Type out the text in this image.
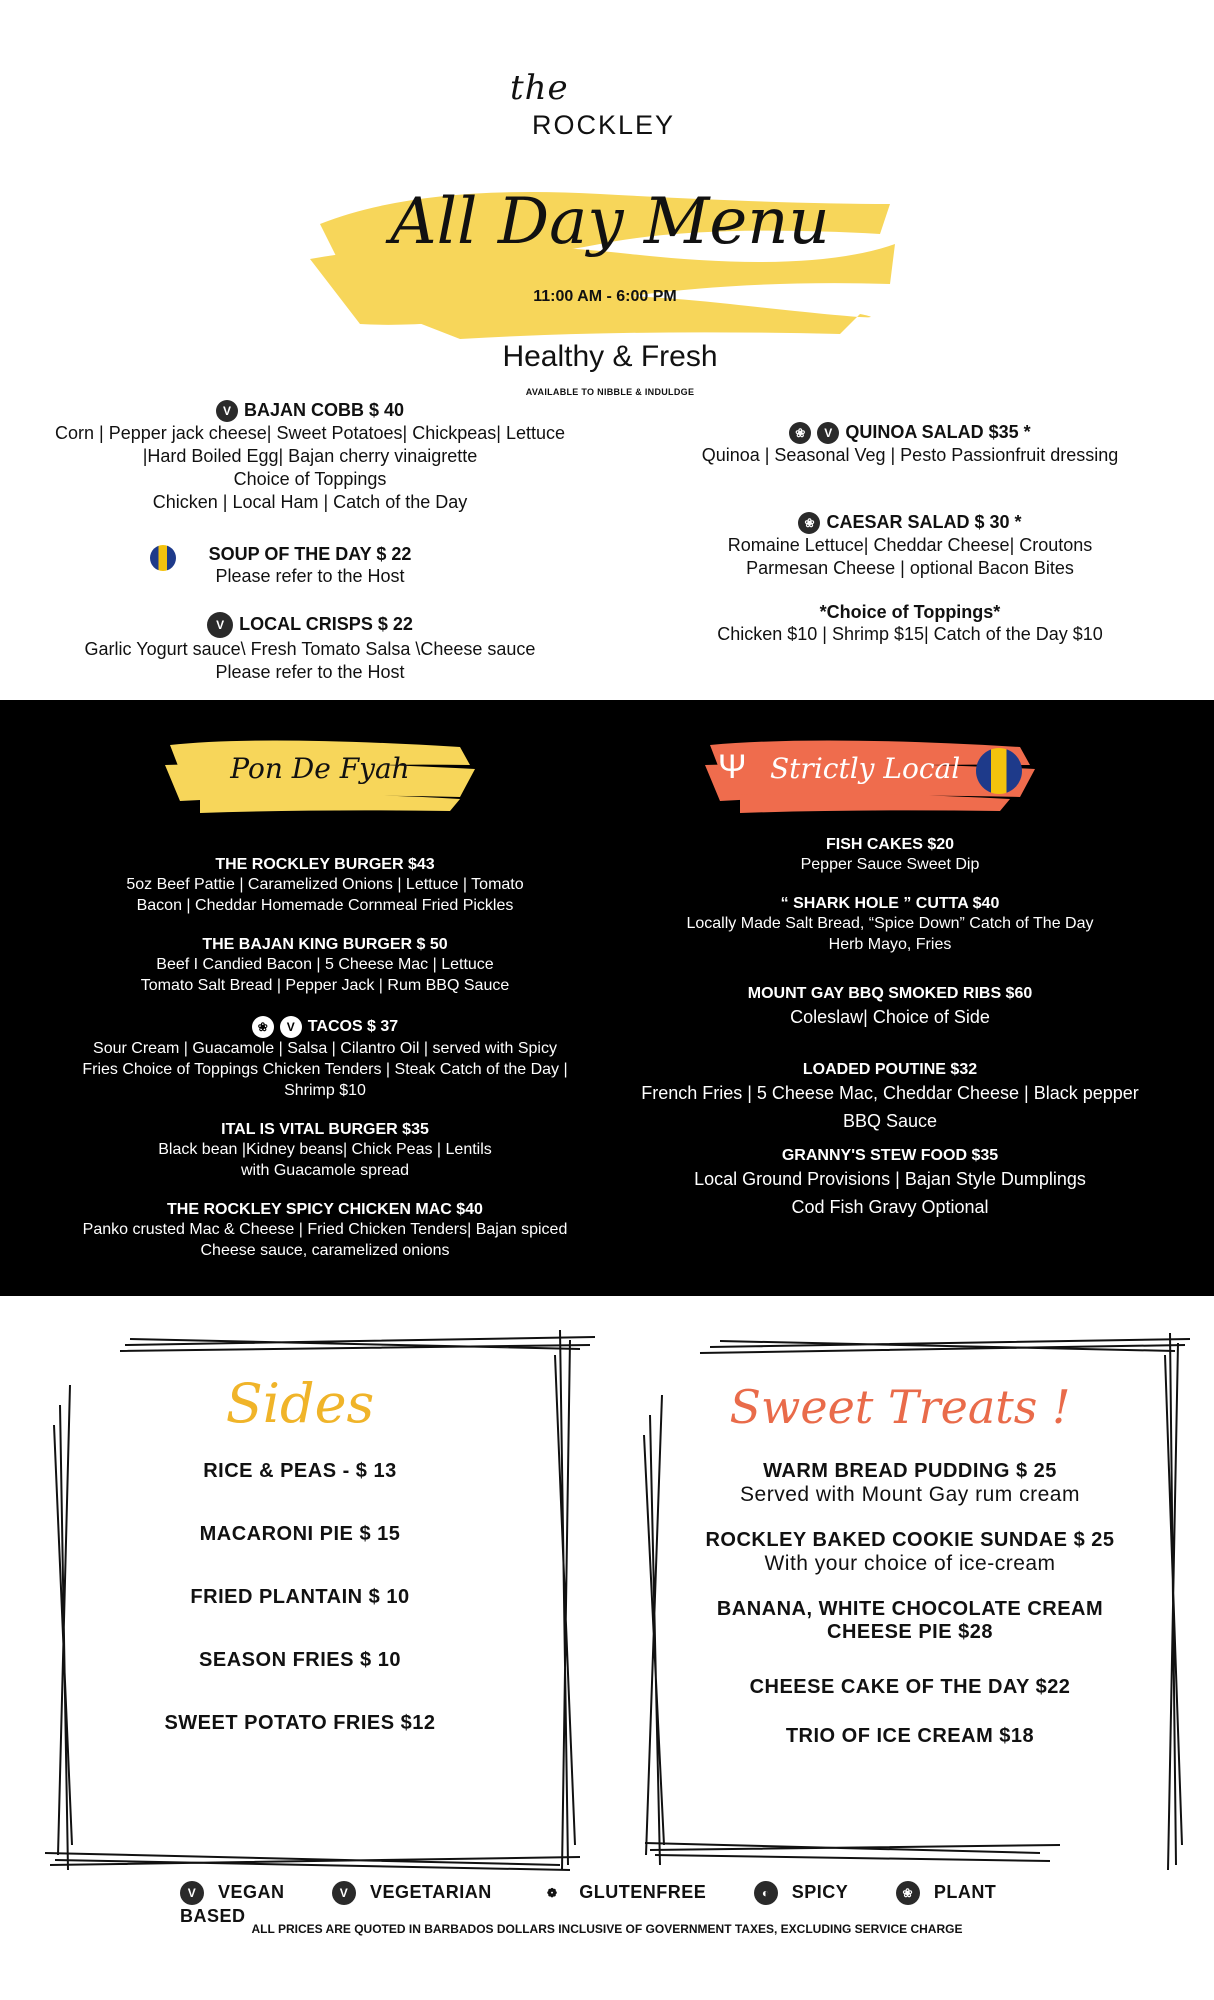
the
ROCKLEY
All Day Menu
11:00 AM - 6:00 PM
Healthy & Fresh
AVAILABLE TO NIBBLE & INDULDGE
V BAJAN COBB $ 40
Corn | Pepper jack cheese| Sweet Potatoes| Chickpeas| Lettuce
|Hard Boiled Egg| Bajan cherry vinaigrette
Choice of Toppings
Chicken | Local Ham | Catch of the Day
SOUP OF THE DAY $ 22
Please refer to the Host
V LOCAL CRISPS $ 22
Garlic Yogurt sauce\ Fresh Tomato Salsa \Cheese sauce
Please refer to the Host
❀ V QUINOA SALAD $35 *
Quinoa | Seasonal Veg | Pesto Passionfruit dressing
❀ CAESAR SALAD $ 30 *
Romaine Lettuce| Cheddar Cheese| Croutons
Parmesan Cheese | optional Bacon Bites
*Choice of Toppings*
Chicken $10 | Shrimp $15| Catch of the Day $10
Pon De Fyah	Ψ Strictly Local
THE ROCKLEY BURGER $43
5oz Beef Pattie | Caramelized Onions | Lettuce | Tomato
Bacon | Cheddar Homemade Cornmeal Fried Pickles
THE BAJAN KING BURGER $ 50
Beef I Candied Bacon | 5 Cheese Mac | Lettuce
Tomato Salt Bread | Pepper Jack | Rum BBQ Sauce
❀ V TACOS $ 37
Sour Cream | Guacamole | Salsa | Cilantro Oil | served with Spicy
Fries Choice of Toppings Chicken Tenders | Steak Catch of the Day |
Shrimp $10
ITAL IS VITAL BURGER $35
Black bean |Kidney beans| Chick Peas | Lentils
with Guacamole spread
THE ROCKLEY SPICY CHICKEN MAC $40
Panko crusted Mac & Cheese | Fried Chicken Tenders| Bajan spiced
Cheese sauce, caramelized onions
FISH CAKES $20
Pepper Sauce Sweet Dip
“ SHARK HOLE ” CUTTA $40
Locally Made Salt Bread, “Spice Down” Catch of The Day
Herb Mayo, Fries
MOUNT GAY BBQ SMOKED RIBS $60
Coleslaw| Choice of Side
LOADED POUTINE $32
French Fries | 5 Cheese Mac, Cheddar Cheese | Black pepper
BBQ Sauce
GRANNY'S STEW FOOD $35
Local Ground Provisions | Bajan Style Dumplings
Cod Fish Gravy Optional
Sides
RICE & PEAS - $ 13
MACARONI PIE $ 15
FRIED PLANTAIN $ 10
SEASON FRIES $ 10
SWEET POTATO FRIES $12
Sweet Treats !
WARM BREAD PUDDING $ 25
Served with Mount Gay rum cream
ROCKLEY BAKED COOKIE SUNDAE $ 25
With your choice of ice-cream
BANANA, WHITE CHOCOLATE CREAM
CHEESE PIE $28
CHEESE CAKE OF THE DAY $22
TRIO OF ICE CREAM $18
V VEGAN	V VEGETARIAN	❁ GLUTENFREE	◐ SPICY	❀ PLANT BASED
ALL PRICES ARE QUOTED IN BARBADOS DOLLARS INCLUSIVE OF GOVERNMENT TAXES, EXCLUDING SERVICE CHARGE
